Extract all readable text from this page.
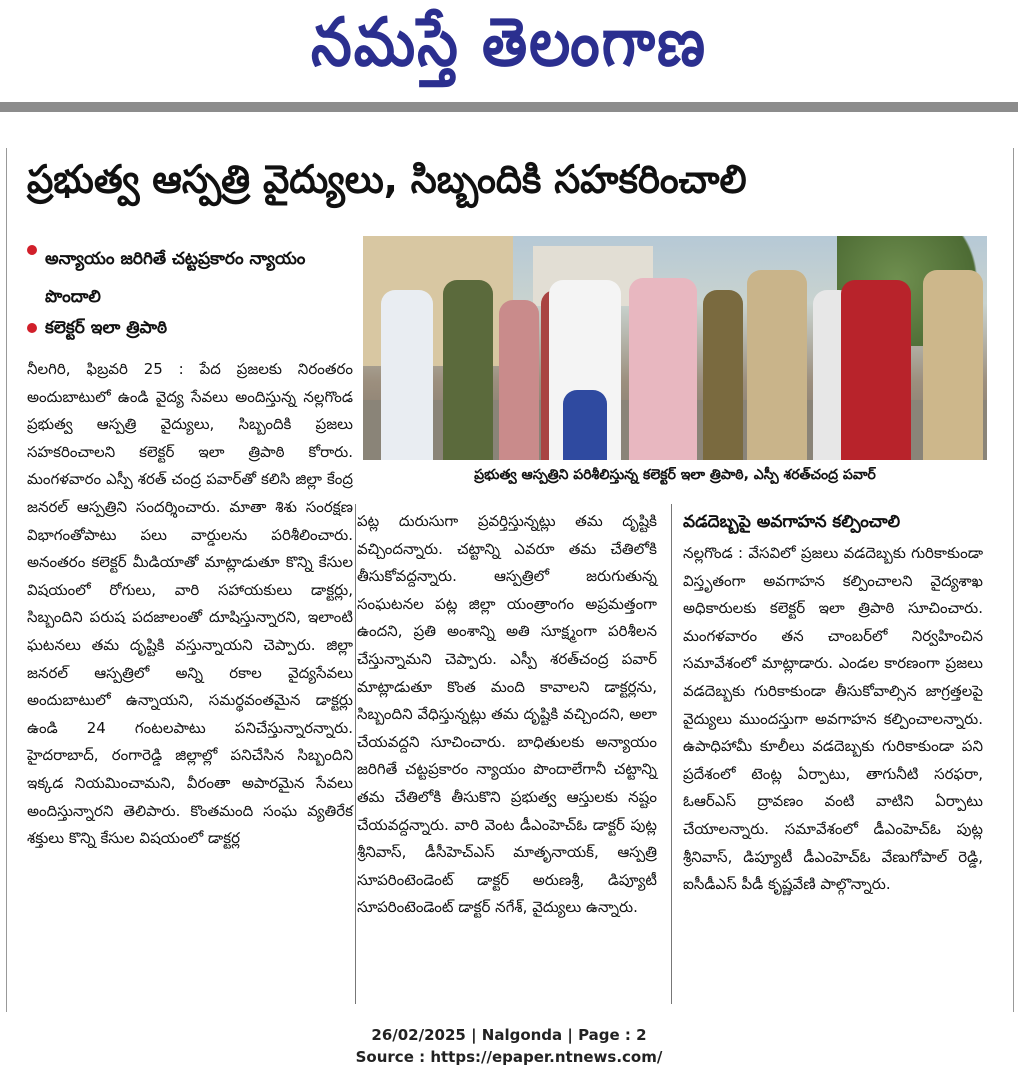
నమస్తే తెలంగాణ
ప్రభుత్వ ఆస్పత్రి వైద్యులు, సిబ్బందికి సహకరించాలి
అన్యాయం జరిగితే చట్టప్రకారం న్యాయం పొందాలి
కలెక్టర్ ఇలా త్రిపాఠి
ప్రభుత్వ ఆస్పత్రిని పరిశీలిస్తున్న కలెక్టర్ ఇలా త్రిపాఠి, ఎస్పీ శరత్‌చంద్ర పవార్

నీలగిరి, ఫిబ్రవరి 25 : పేద ప్రజలకు నిరంతరం అందుబాటులో ఉండి వైద్య సేవలు అందిస్తున్న నల్లగొండ ప్రభుత్వ ఆస్పత్రి వైద్యులు, సిబ్బందికి ప్రజలు సహకరించాలని కలెక్టర్ ఇలా త్రిపాఠి కోరారు. మంగళవారం ఎస్పీ శరత్ చంద్ర పవార్‌తో కలిసి జిల్లా కేంద్ర జనరల్ ఆస్పత్రిని సందర్శించారు. మాతా శిశు సంరక్షణ విభాగంతోపాటు పలు వార్డులను పరిశీలించారు. అనంతరం కలెక్టర్ మీడియాతో మాట్లాడుతూ కొన్ని కేసుల విషయంలో రోగులు, వారి సహాయకులు డాక్టర్లు, సిబ్బందిని పరుష పదజాలంతో దూషిస్తున్నారని, ఇలాంటి ఘటనలు తమ దృష్టికి వస్తున్నాయని చెప్పారు. జిల్లా జనరల్ ఆస్పత్రిలో అన్ని రకాల వైద్యసేవలు అందుబాటులో ఉన్నాయని, సమర్థవంతమైన డాక్టర్లు ఉండి 24 గంటలపాటు పనిచేస్తున్నారన్నారు. హైదరాబాద్, రంగారెడ్డి జిల్లాల్లో పనిచేసిన సిబ్బందిని ఇక్కడ నియమించామని, వీరంతా అపారమైన సేవలు అందిస్తున్నారని తెలిపారు. కొంతమంది సంఘ వ్యతిరేక శక్తులు కొన్ని కేసుల విషయంలో డాక్టర్ల

పట్ల దురుసుగా ప్రవర్తిస్తున్నట్లు తమ దృష్టికి వచ్చిందన్నారు. చట్టాన్ని ఎవరూ తమ చేతిలోకి తీసుకోవద్దన్నారు. ఆస్పత్రిలో జరుగుతున్న సంఘటనల పట్ల జిల్లా యంత్రాంగం అప్రమత్తంగా ఉందని, ప్రతి అంశాన్ని అతి సూక్ష్మంగా పరిశీలన చేస్తున్నామని చెప్పారు. ఎస్పీ శరత్‌చంద్ర పవార్ మాట్లాడుతూ కొంత మంది కావాలని డాక్టర్లను, సిబ్బందిని వేధిస్తున్నట్లు తమ దృష్టికి వచ్చిందని, అలా చేయవద్దని సూచించారు. బాధితులకు అన్యాయం జరిగితే చట్టప్రకారం న్యాయం పొందాలేగానీ చట్టాన్ని తమ చేతిలోకి తీసుకొని ప్రభుత్వ ఆస్తులకు నష్టం చేయవద్దన్నారు. వారి వెంట డీఎంహెచ్ఓ డాక్టర్ పుట్ల శ్రీనివాస్, డీసీహెచ్ఎస్ మాతృనాయక్, ఆస్పత్రి సూపరింటెండెంట్ డాక్టర్ అరుణశ్రీ, డిప్యూటీ సూపరింటెండెంట్ డాక్టర్ నగేశ్, వైద్యులు ఉన్నారు.

వడదెబ్బపై అవగాహన కల్పించాలి

నల్లగొండ : వేసవిలో ప్రజలు వడదెబ్బకు గురికాకుండా విస్తృతంగా అవగాహన కల్పించాలని వైద్యశాఖ అధికారులకు కలెక్టర్ ఇలా త్రిపాఠి సూచించారు. మంగళవారం తన చాంబర్‌లో నిర్వహించిన సమావేశంలో మాట్లాడారు. ఎండల కారణంగా ప్రజలు వడదెబ్బకు గురికాకుండా తీసుకోవాల్సిన జాగ్రత్తలపై వైద్యులు ముందస్తుగా అవగాహన కల్పించాలన్నారు. ఉపాధిహామీ కూలీలు వడదెబ్బకు గురికాకుండా పని ప్రదేశంలో టెంట్ల ఏర్పాటు, తాగునీటి సరఫరా, ఓఆర్ఎస్ ద్రావణం వంటి వాటిని ఏర్పాటు చేయాలన్నారు. సమావేశంలో డీఎంహెచ్ఓ పుట్ల శ్రీనివాస్, డిప్యూటీ డీఎంహెచ్ఓ వేణుగోపాల్ రెడ్డి, ఐసీడీఎస్ పీడీ కృష్ణవేణి పాల్గొన్నారు.

26/02/2025 | Nalgonda | Page : 2
Source : https://epaper.ntnews.com/
